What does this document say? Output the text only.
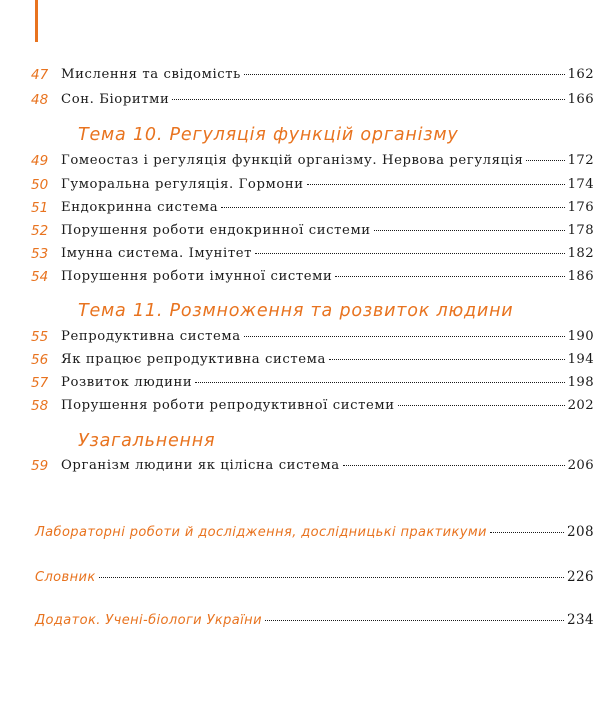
47 Мислення та свідомість	162
48 Сон. Біоритми	166
Тема 10. Регуляція функцій організму
49 Гомеостаз і регуляція функцій організму. Нервова регуляція	172
50 Гуморальна регуляція. Гормони	174
51 Ендокринна система	176
52 Порушення роботи ендокринної системи	178
53 Імунна система. Імунітет	182
54 Порушення роботи імунної системи	186
Тема 11. Розмноження та розвиток людини
55 Репродуктивна система	190
56 Як працює репродуктивна система	194
57 Розвиток людини	198
58 Порушення роботи репродуктивної системи	202
Узагальнення
59 Організм людини як цілісна система	206
Лабораторні роботи й дослідження, дослідницькі практикуми	208
Словник	226
Додаток. Учені-біологи України	234
